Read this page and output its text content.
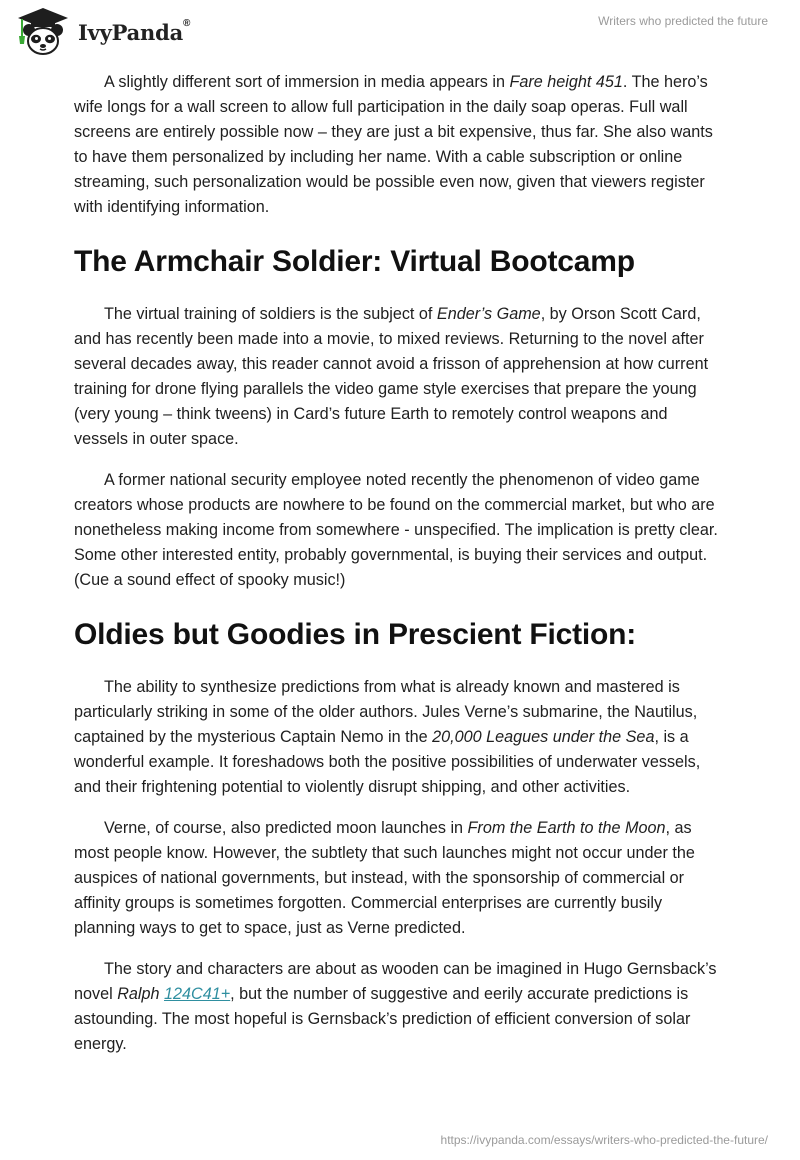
IvyPanda®	Writers who predicted the future

A slightly different sort of immersion in media appears in Fare height 451. The hero’s wife longs for a wall screen to allow full participation in the daily soap operas. Full wall screens are entirely possible now – they are just a bit expensive, thus far. She also wants to have them personalized by including her name. With a cable subscription or online streaming, such personalization would be possible even now, given that viewers register with identifying information.

The Armchair Soldier: Virtual Bootcamp

The virtual training of soldiers is the subject of Ender’s Game, by Orson Scott Card, and has recently been made into a movie, to mixed reviews. Returning to the novel after several decades away, this reader cannot avoid a frisson of apprehension at how current training for drone flying parallels the video game style exercises that prepare the young (very young – think tweens) in Card’s future Earth to remotely control weapons and vessels in outer space.

A former national security employee noted recently the phenomenon of video game creators whose products are nowhere to be found on the commercial market, but who are nonetheless making income from somewhere - unspecified. The implication is pretty clear. Some other interested entity, probably governmental, is buying their services and output. (Cue a sound effect of spooky music!)

Oldies but Goodies in Prescient Fiction:

The ability to synthesize predictions from what is already known and mastered is particularly striking in some of the older authors. Jules Verne’s submarine, the Nautilus, captained by the mysterious Captain Nemo in the 20,000 Leagues under the Sea, is a wonderful example. It foreshadows both the positive possibilities of underwater vessels, and their frightening potential to violently disrupt shipping, and other activities.

Verne, of course, also predicted moon launches in From the Earth to the Moon, as most people know. However, the subtlety that such launches might not occur under the auspices of national governments, but instead, with the sponsorship of commercial or affinity groups is sometimes forgotten. Commercial enterprises are currently busily planning ways to get to space, just as Verne predicted.

The story and characters are about as wooden can be imagined in Hugo Gernsback’s novel Ralph 124C41+, but the number of suggestive and eerily accurate predictions is astounding. The most hopeful is Gernsback’s prediction of efficient conversion of solar energy.

https://ivypanda.com/essays/writers-who-predicted-the-future/
